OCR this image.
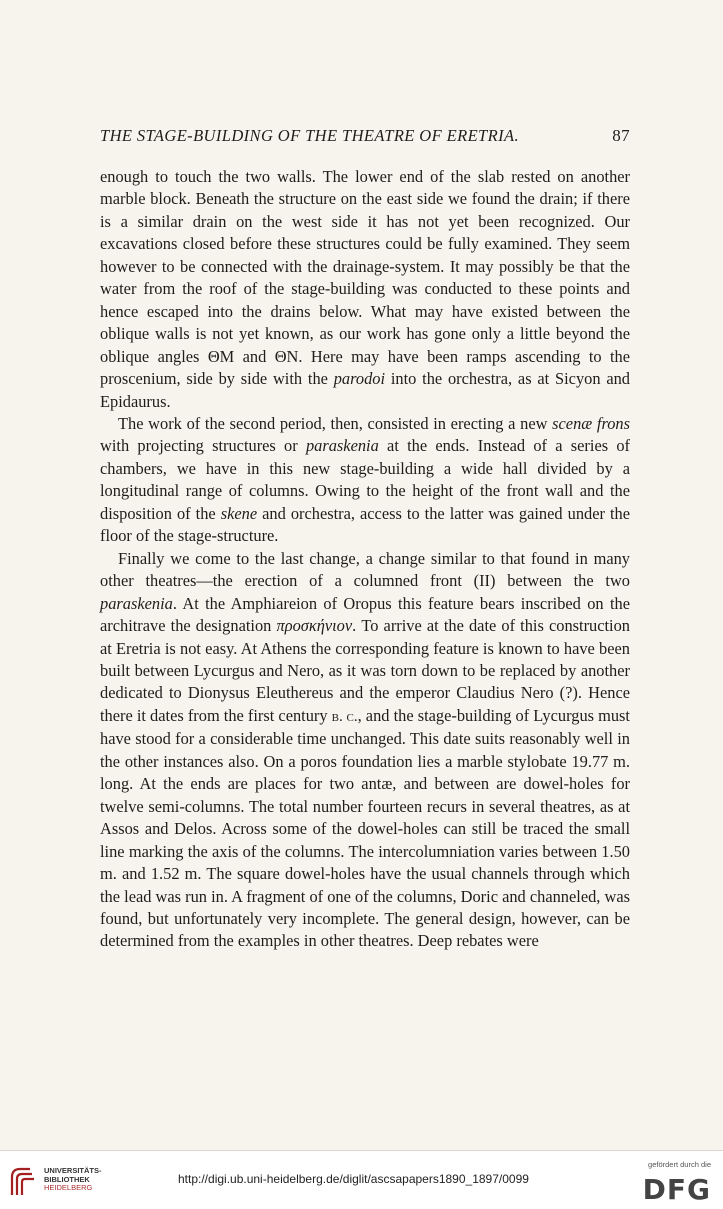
THE STAGE-BUILDING OF THE THEATRE OF ERETRIA.	87

enough to touch the two walls. The lower end of the slab rested on another marble block. Beneath the structure on the east side we found the drain; if there is a similar drain on the west side it has not yet been recognized. Our excavations closed before these structures could be fully examined. They seem however to be connected with the drainage-system. It may possibly be that the water from the roof of the stage-building was conducted to these points and hence escaped into the drains below. What may have existed between the oblique walls is not yet known, as our work has gone only a little beyond the oblique angles ΘM and ΘN. Here may have been ramps ascending to the proscenium, side by side with the parodoi into the orchestra, as at Sicyon and Epidaurus.

The work of the second period, then, consisted in erecting a new scenæ frons with projecting structures or paraskenia at the ends. Instead of a series of chambers, we have in this new stage-building a wide hall divided by a longitudinal range of columns. Owing to the height of the front wall and the disposition of the skene and orchestra, access to the latter was gained under the floor of the stage-structure.

Finally we come to the last change, a change similar to that found in many other theatres—the erection of a columned front (II) between the two paraskenia. At the Amphiareion of Oropus this feature bears inscribed on the architrave the designation προσκήνιον. To arrive at the date of this construction at Eretria is not easy. At Athens the corresponding feature is known to have been built between Lycurgus and Nero, as it was torn down to be replaced by another dedicated to Dionysus Eleuthereus and the emperor Claudius Nero (?). Hence there it dates from the first century b. c., and the stage-building of Lycurgus must have stood for a considerable time unchanged. This date suits reasonably well in the other instances also. On a poros foundation lies a marble stylobate 19.77 m. long. At the ends are places for two antæ, and between are dowel-holes for twelve semi-columns. The total number fourteen recurs in several theatres, as at Assos and Delos. Across some of the dowel-holes can still be traced the small line marking the axis of the columns. The intercolumniation varies between 1.50 m. and 1.52 m. The square dowel-holes have the usual channels through which the lead was run in. A fragment of one of the columns, Doric and channeled, was found, but unfortunately very incomplete. The general design, however, can be determined from the examples in other theatres. Deep rebates were

UNIVERSITÄTS-
BIBLIOTHEK
HEIDELBERG
http://digi.ub.uni-heidelberg.de/diglit/ascsapapers1890_1897/0099
gefördert durch die
DFG
